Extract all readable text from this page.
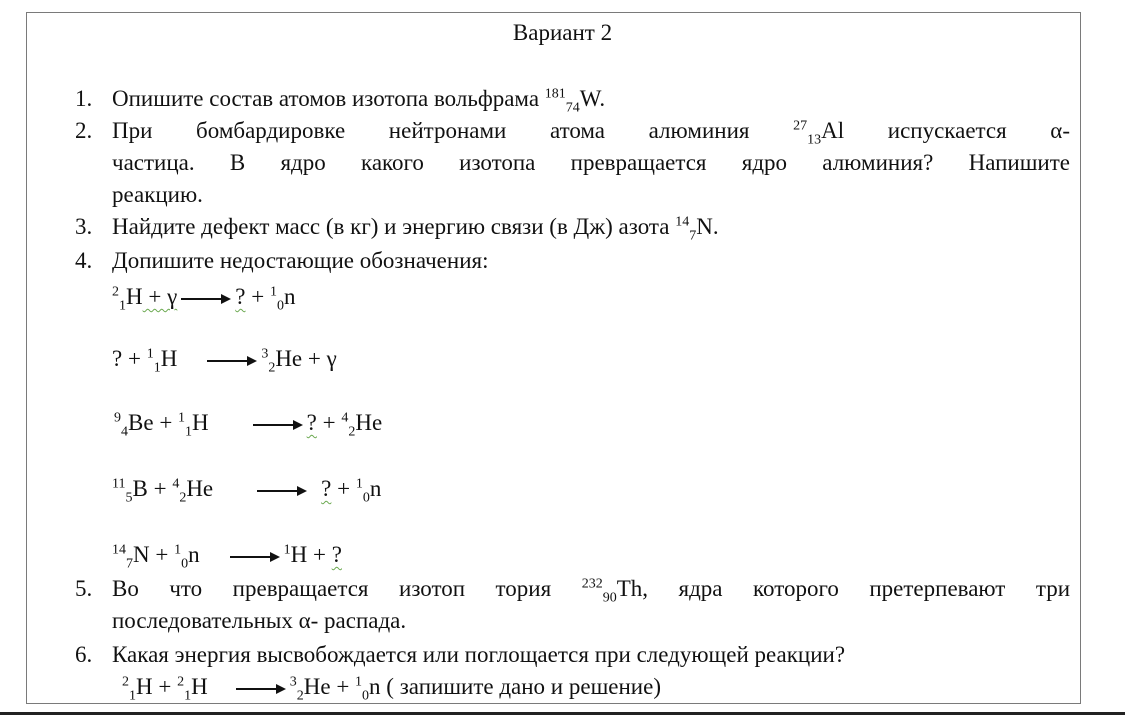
Вариант 2
1. Опишите состав атомов изотопа вольфрама $^{181}_{74}$W.
2. При бомбардировке нейтронами атома алюминия $^{27}_{13}$Al испускается α-
частица. В ядро какого изотопа превращается ядро алюминия? Напишите
реакцию.
3. Найдите дефект масс (в кг) и энергию связи (в Дж) азота $^{14}_7$N.
4. Допишите недостающие обозначения:
$^2_1$H + γ	? + $^1_0$n
? + $^1_1$H	$^3_2$He + γ
$^9_4$Be + $^1_1$H	? + $^4_2$He
$^{11}_5$B + $^4_2$He	? + $^1_0$n
$^{14}_7$N + $^1_0$n	$^1$H + ?
5. Во что превращается изотоп тория $^{232}_{90}$Th, ядра которого претерпевают три
последовательных α- распада.
6. Какая энергия высвобождается или поглощается при следующей реакции?
$^2_1$H + $^2_1$H	$^3_2$He + $^1_0$n ( запишите дано и решение)
